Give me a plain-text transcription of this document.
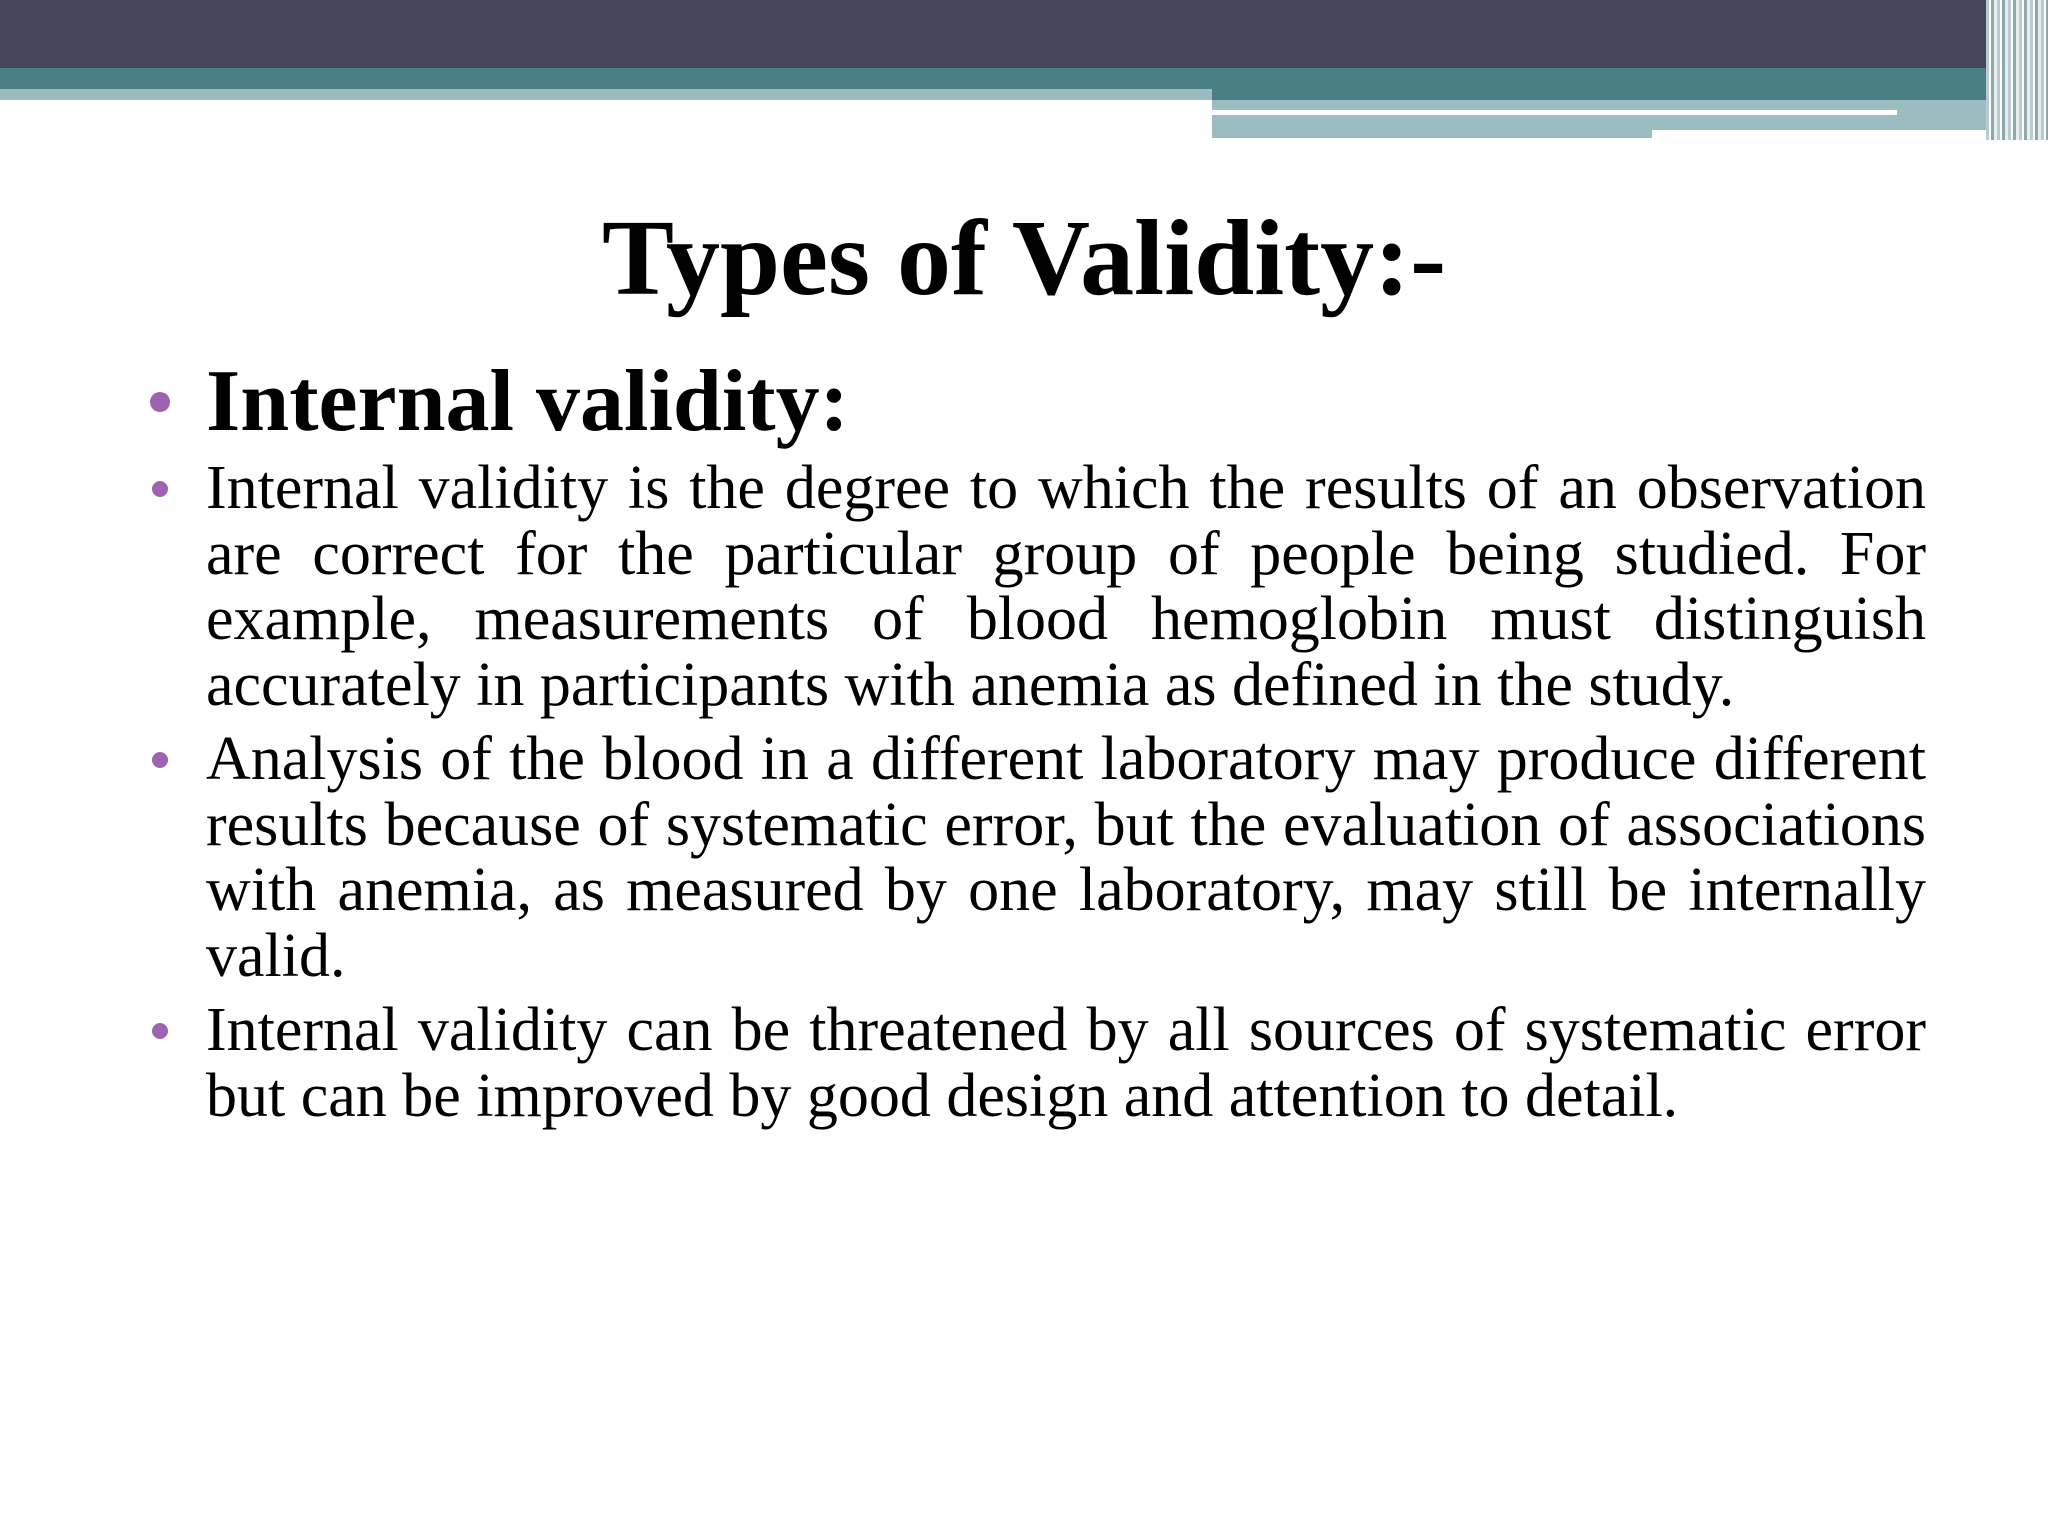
Types of Validity:-
Internal validity:
Internal validity is the degree to which the results of an observation are correct for the particular group of people being studied. For example, measurements of blood hemoglobin must distinguish accurately in participants with anemia as defined in the study.
Analysis of the blood in a different laboratory may produce different results because of systematic error, but the evaluation of associations with anemia, as measured by one laboratory, may still be internally valid.
Internal validity can be threatened by all sources of systematic error but can be improved by good design and attention to detail.
